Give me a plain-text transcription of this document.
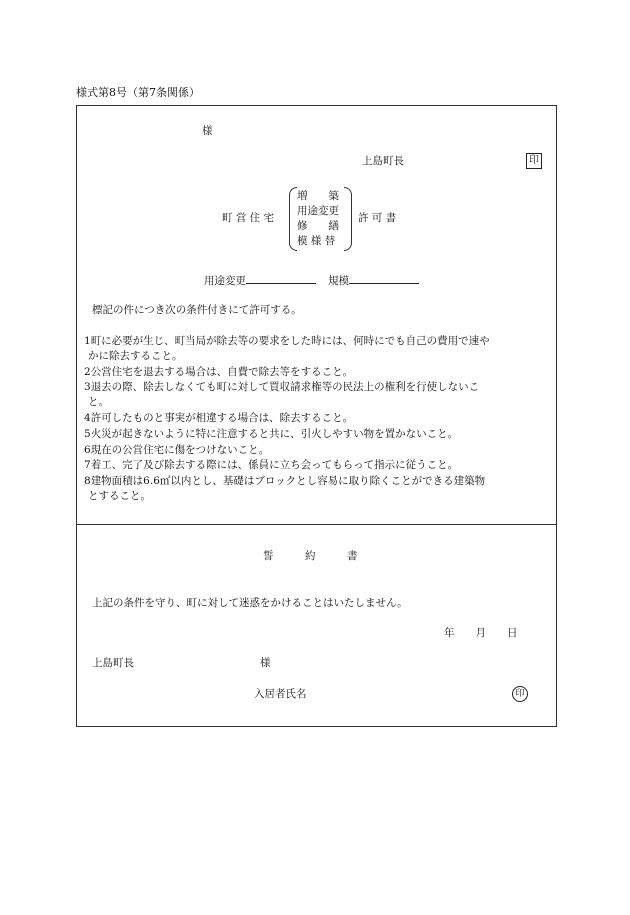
様式第8号（第7条関係）
様
上島町長	印
町 営 住 宅
増　　築
用途変更
修　　繕
模 様 替
許 可 書
用途変更	規模
標記の件につき次の条件付きにて許可する。
1町に必要が生じ、町当局が除去等の要求をした時には、何時にでも自己の費用で速や
かに除去すること。
2公営住宅を退去する場合は、自費で除去等をすること。
3退去の際、除去しなくても町に対して買収請求権等の民法上の権利を行使しないこ
と。
4許可したものと事実が相違する場合は、除去すること。
5火災が起きないように特に注意すると共に、引火しやすい物を置かないこと。
6現在の公営住宅に傷をつけないこと。
7着工、完了及び除去する際には、係員に立ち会ってもらって指示に従うこと。
8建物面積は6.6㎡以内とし、基礎はブロックとし容易に取り除くことができる建築物
とすること。
誓　　　約　　　書
上記の条件を守り、町に対して迷惑をかけることはいたしません。
年　　月　　日
上島町長	様
入居者氏名	印
